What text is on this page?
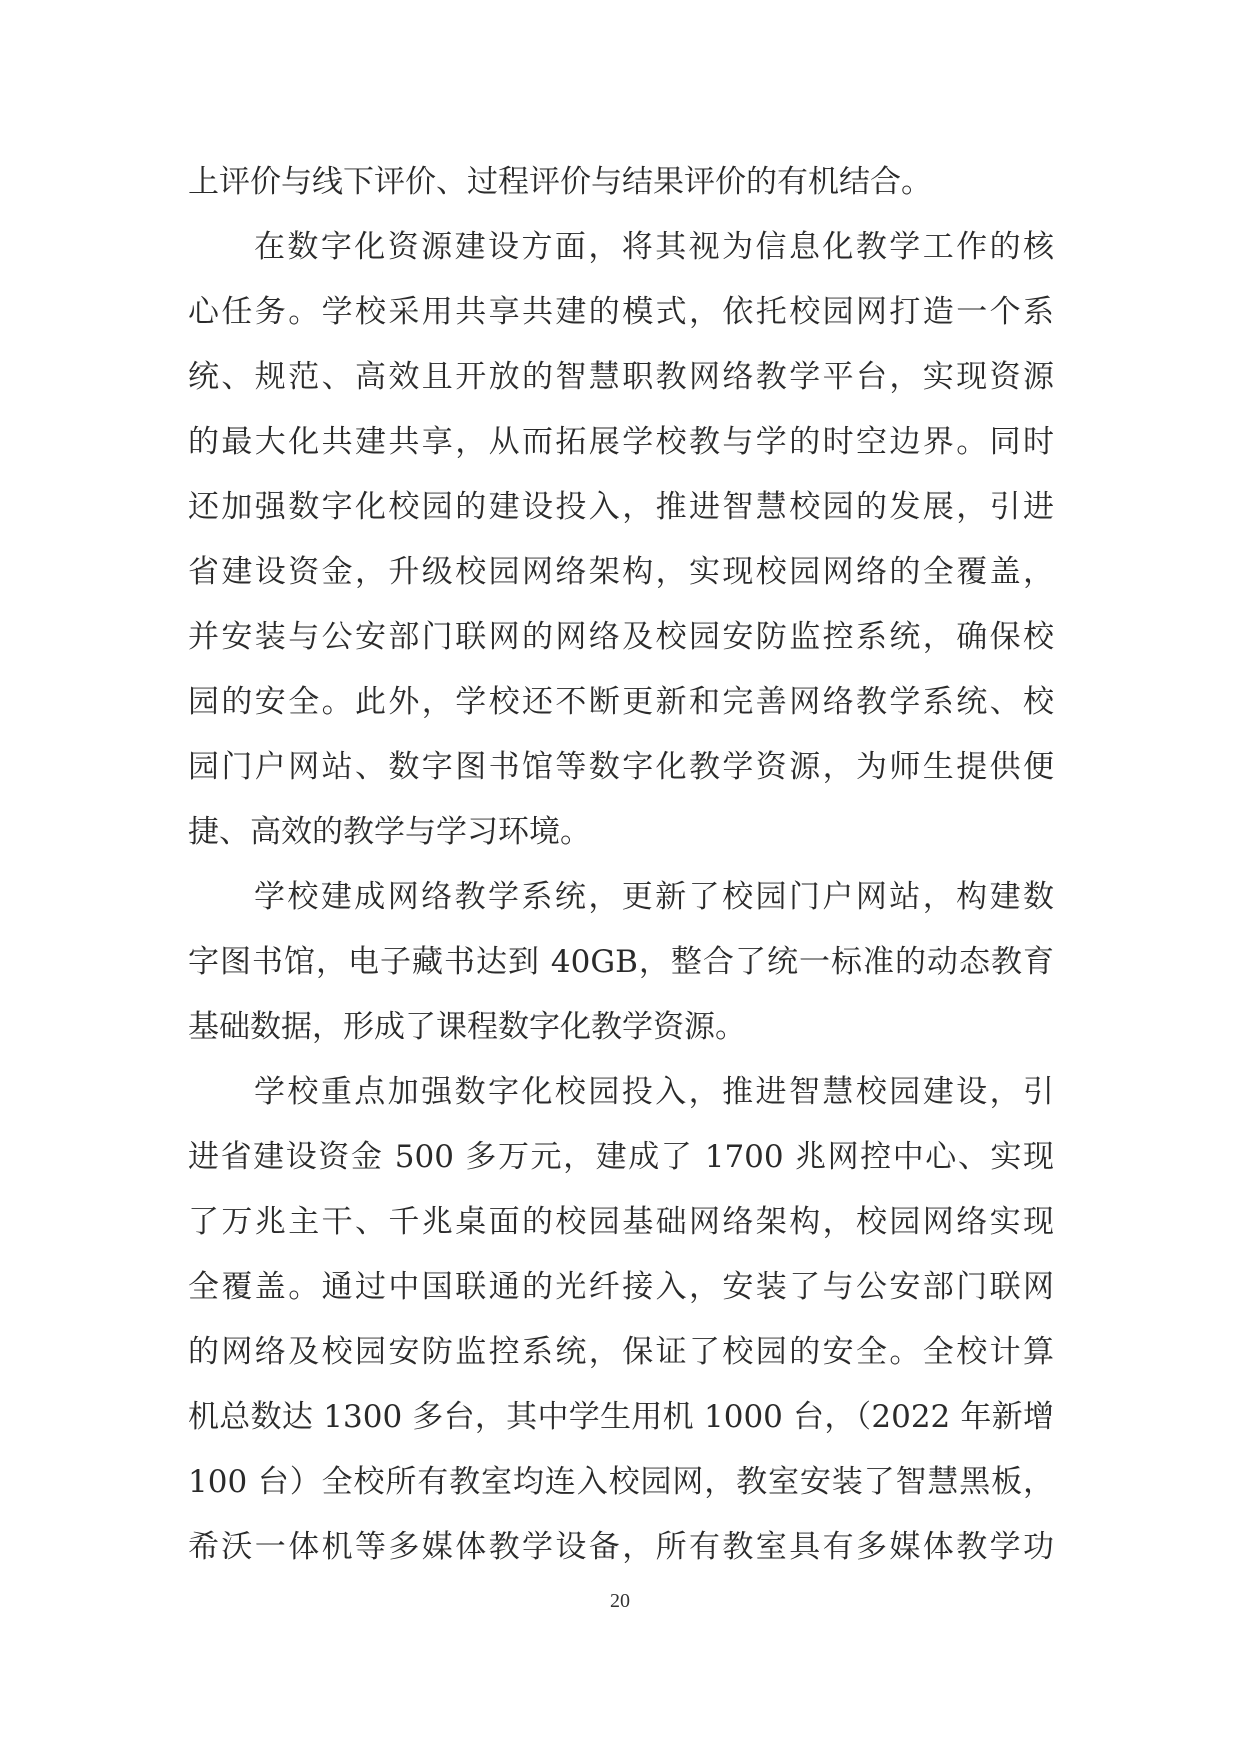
上评价与线下评价、过程评价与结果评价的有机结合。
在数字化资源建设方面，将其视为信息化教学工作的核
心任务。学校采用共享共建的模式，依托校园网打造一个系
统、规范、高效且开放的智慧职教网络教学平台，实现资源
的最大化共建共享，从而拓展学校教与学的时空边界。同时
还加强数字化校园的建设投入，推进智慧校园的发展，引进
省建设资金，升级校园网络架构，实现校园网络的全覆盖，
并安装与公安部门联网的网络及校园安防监控系统，确保校
园的安全。此外，学校还不断更新和完善网络教学系统、校
园门户网站、数字图书馆等数字化教学资源，为师生提供便
捷、高效的教学与学习环境。
学校建成网络教学系统，更新了校园门户网站，构建数
字图书馆，电子藏书达到 40GB，整合了统一标准的动态教育
基础数据，形成了课程数字化教学资源。
学校重点加强数字化校园投入，推进智慧校园建设，引
进省建设资金 500 多万元，建成了 1700 兆网控中心、实现
了万兆主干、千兆桌面的校园基础网络架构，校园网络实现
全覆盖。通过中国联通的光纤接入，安装了与公安部门联网
的网络及校园安防监控系统，保证了校园的安全。全校计算
机总数达 1300 多台，其中学生用机 1000 台，（2022 年新增
100 台）全校所有教室均连入校园网，教室安装了智慧黑板，
希沃一体机等多媒体教学设备，所有教室具有多媒体教学功
20
